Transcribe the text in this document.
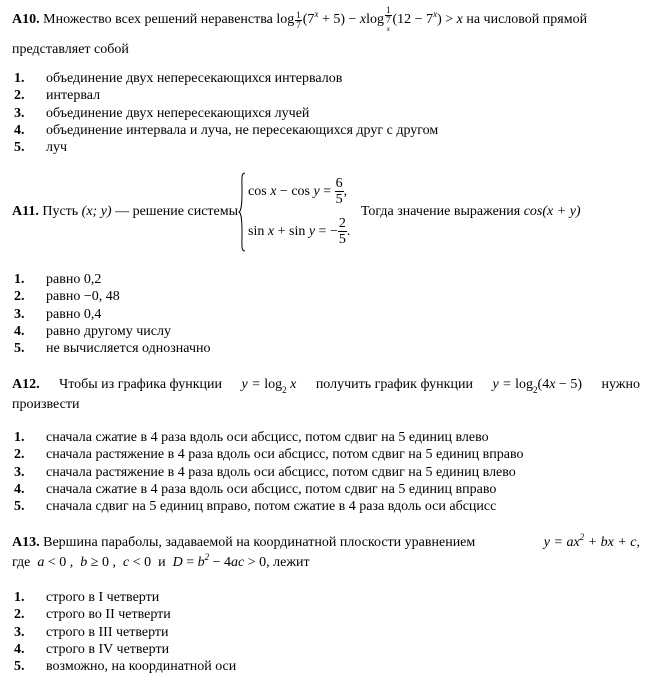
A10. Множество всех решений неравенства $\log \frac{1}{7} (7^x + 5) - xlog$ 1
7
x $(12 - 7^x) > x$ на числовой прямой
представляет собой
1. объединение двух непересекающихся интервалов
2. интервал
3. объединение двух непересекающихся лучей
4. объединение интервала и луча, не пересекающихся друг с другом
5. луч
A11.
Пусть
(x; y)
— решение системы
$\cos x - \cos y = \frac{6}{5}$ ,
sin x + sin y = − $\frac{2}{5}$ .

Тогда значение выражения
cos(x + y)
1. равно 0,2
2. равно −0, 48
3. равно 0,4
4. равно другому числу
5. не вычисляется однозначно
A12. Чтобы из графика функции $y = \log_2 x$ получить график функции $y = \log_2(4x - 5)$ нужно
произвести
1. сначала сжатие в 4 раза вдоль оси абсцисс, потом сдвиг на 5 единиц влево
2. сначала растяжение в 4 раза вдоль оси абсцисс, потом сдвиг на 5 единиц вправо
3. сначала растяжение в 4 раза вдоль оси абсцисс, потом сдвиг на 5 единиц влево
4. сначала сжатие в 4 раза вдоль оси абсцисс, потом сдвиг на 5 единиц вправо
5. сначала сдвиг на 5 единиц вправо, потом сжатие в 4 раза вдоль оси абсцисс
A13. Вершина параболы, задаваемой на координатной плоскости уравнением	$y = ax^2$ + bx + c,
где a < 0 ,  b ≥ 0 ,  c < 0 и $D = b^2 - 4ac > 0$, лежит
1. строго в I четверти
2. строго во II четверти
3. строго в III четверти
4. строго в IV четверти
5. возможно, на координатной оси
